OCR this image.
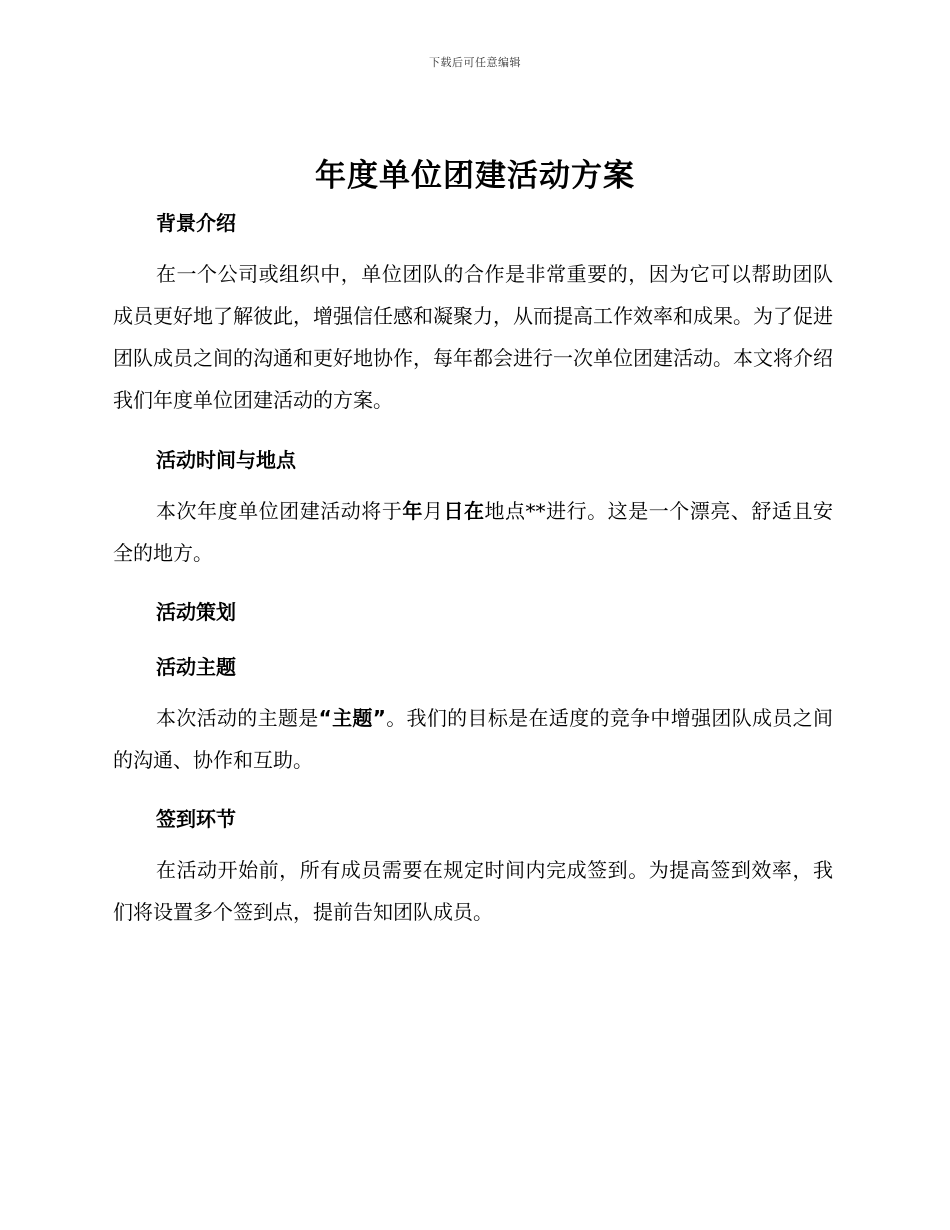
下载后可任意编辑
年度单位团建活动方案
背景介绍
在一个公司或组织中，单位团队的合作是非常重要的，因为它可以帮助团队成员更好地了解彼此，增强信任感和凝聚力，从而提高工作效率和成果。为了促进团队成员之间的沟通和更好地协作，每年都会进行一次单位团建活动。本文将介绍我们年度单位团建活动的方案。
活动时间与地点
本次年度单位团建活动将于年月日在地点**进行。这是一个漂亮、舒适且安全的地方。
活动策划
活动主题
本次活动的主题是“主题”。我们的目标是在适度的竞争中增强团队成员之间的沟通、协作和互助。
签到环节
在活动开始前，所有成员需要在规定时间内完成签到。为提高签到效率，我们将设置多个签到点，提前告知团队成员。
